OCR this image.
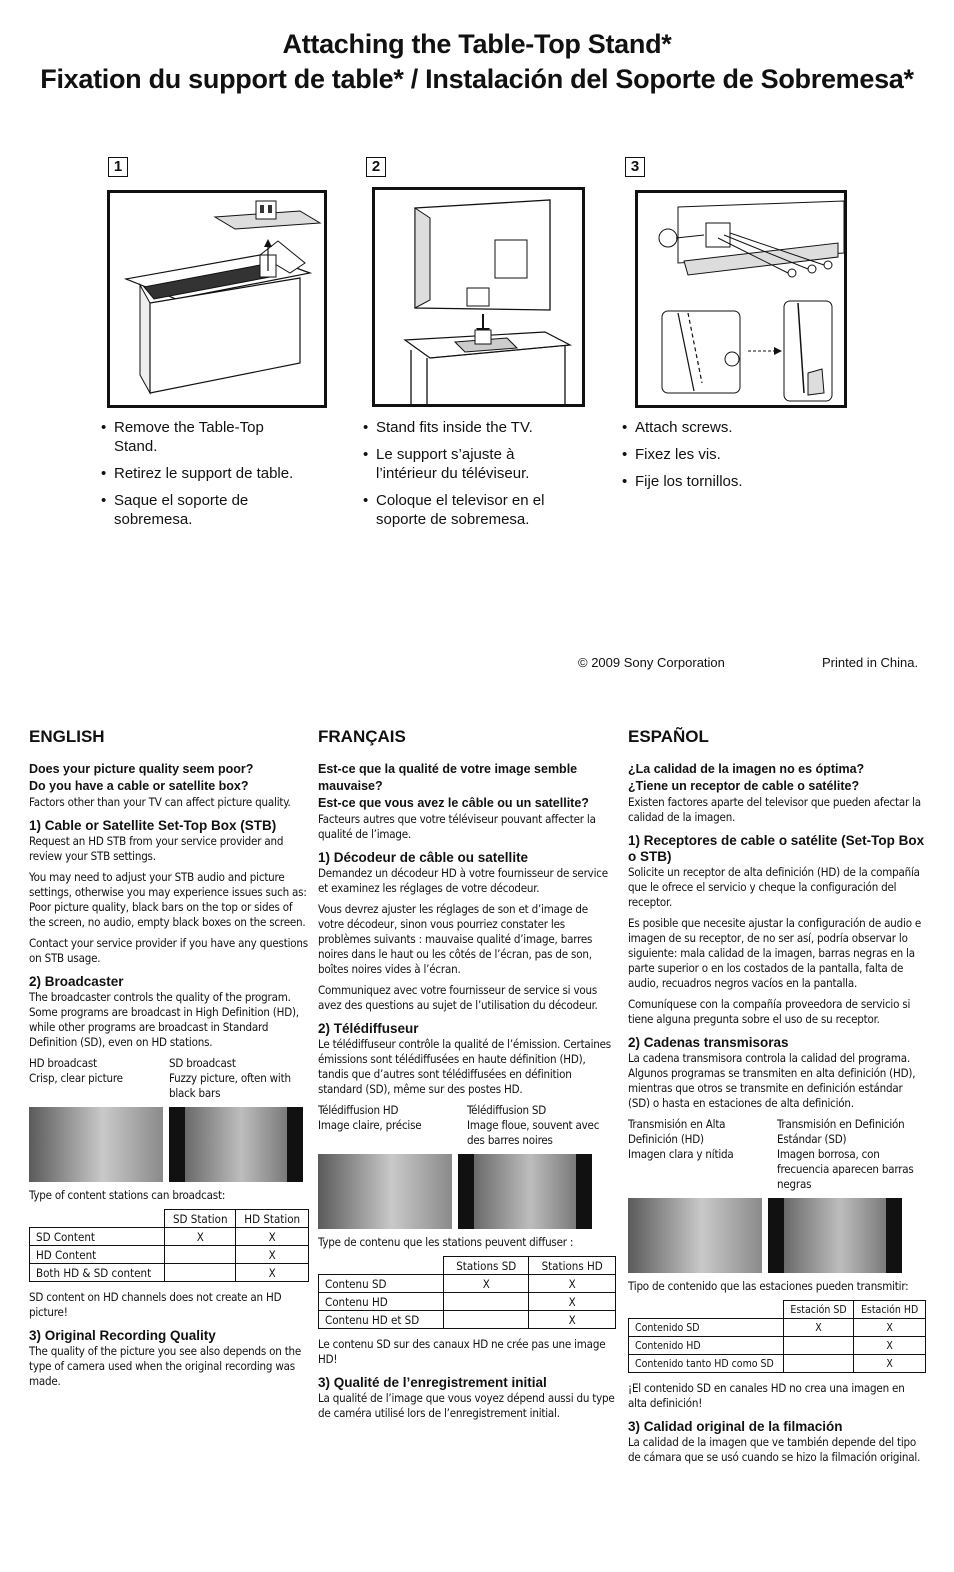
Attaching the Table-Top Stand*
Fixation du support de table* / Instalación del Soporte de Sobremesa*
1
• Remove the Table-Top Stand.
• Retirez le support de table.
• Saque el soporte de sobremesa.
2
• Stand fits inside the TV.
• Le support s’ajuste à l’intérieur du téléviseur.
• Coloque el televisor en el soporte de sobremesa.
3
• Attach screws.
• Fixez les vis.
• Fije los tornillos.
© 2009 Sony Corporation	Printed in China.
ENGLISH
Does your picture quality seem poor?
Do you have a cable or satellite box?

Factors other than your TV can affect picture quality.

1) Cable or Satellite Set-Top Box (STB)

Request an HD STB from your service provider and review your STB settings.

You may need to adjust your STB audio and picture settings, otherwise you may experience issues such as: Poor picture quality, black bars on the top or sides of the screen, no audio, empty black boxes on the screen.

Contact your service provider if you have any questions on STB usage.

2) Broadcaster

The broadcaster controls the quality of the program. Some programs are broadcast in High Definition (HD), while other programs are broadcast in Standard Definition (SD), even on HD stations.

HD broadcast
Crisp, clear picture
SD broadcast
Fuzzy picture, often with black bars

Type of content stations can broadcast:

	SD Station	HD Station
SD Content	X	X
HD Content		X
Both HD & SD content		X

SD content on HD channels does not create an HD picture!

3) Original Recording Quality

The quality of the picture you see also depends on the type of camera used when the original recording was made.

FRANÇAIS
Est-ce que la qualité de votre image semble mauvaise?
Est-ce que vous avez le câble ou un satellite?

Facteurs autres que votre téléviseur pouvant affecter la qualité de l’image.

1) Décodeur de câble ou satellite

Demandez un décodeur HD à votre fournisseur de service et examinez les réglages de votre décodeur.

Vous devrez ajuster les réglages de son et d’image de votre décodeur, sinon vous pourriez constater les problèmes suivants : mauvaise qualité d’image, barres noires dans le haut ou les côtés de l’écran, pas de son, boîtes noires vides à l’écran.

Communiquez avec votre fournisseur de service si vous avez des questions au sujet de l’utilisation du décodeur.

2) Télédiffuseur

Le télédiffuseur contrôle la qualité de l’émission. Certaines émissions sont télédiffusées en haute définition (HD), tandis que d’autres sont télédiffusées en définition standard (SD), même sur des postes HD.

Télédiffusion HD
Image claire, précise
Télédiffusion SD
Image floue, souvent avec des barres noires

Type de contenu que les stations peuvent diffuser :

	Stations SD	Stations HD
Contenu SD	X	X
Contenu HD		X
Contenu HD et SD		X

Le contenu SD sur des canaux HD ne crée pas une image HD!

3) Qualité de l’enregistrement initial

La qualité de l’image que vous voyez dépend aussi du type de caméra utilisé lors de l’enregistrement initial.

ESPAÑOL
¿La calidad de la imagen no es óptima?
¿Tiene un receptor de cable o satélite?

Existen factores aparte del televisor que pueden afectar la calidad de la imagen.

1) Receptores de cable o satélite (Set-Top Box o STB)

Solicite un receptor de alta definición (HD) de la compañía que le ofrece el servicio y cheque la configuración del receptor.

Es posible que necesite ajustar la configuración de audio e imagen de su receptor, de no ser así, podría observar lo siguiente: mala calidad de la imagen, barras negras en la parte superior o en los costados de la pantalla, falta de audio, recuadros negros vacíos en la pantalla.

Comuníquese con la compañía proveedora de servicio si tiene alguna pregunta sobre el uso de su receptor.

2) Cadenas transmisoras

La cadena transmisora controla la calidad del programa. Algunos programas se transmiten en alta definición (HD), mientras que otros se transmite en definición estándar (SD) o hasta en estaciones de alta definición.

Transmisión en Alta Definición (HD)
Imagen clara y nítida
Transmisión en Definición Estándar (SD)
Imagen borrosa, con frecuencia aparecen barras negras

Tipo de contenido que las estaciones pueden transmitir:

	Estación SD	Estación HD
Contenido SD	X	X
Contenido HD		X
Contenido tanto HD como SD		X

¡El contenido SD en canales HD no crea una imagen en alta definición!

3) Calidad original de la filmación

La calidad de la imagen que ve también depende del tipo de cámara que se usó cuando se hizo la filmación original.
